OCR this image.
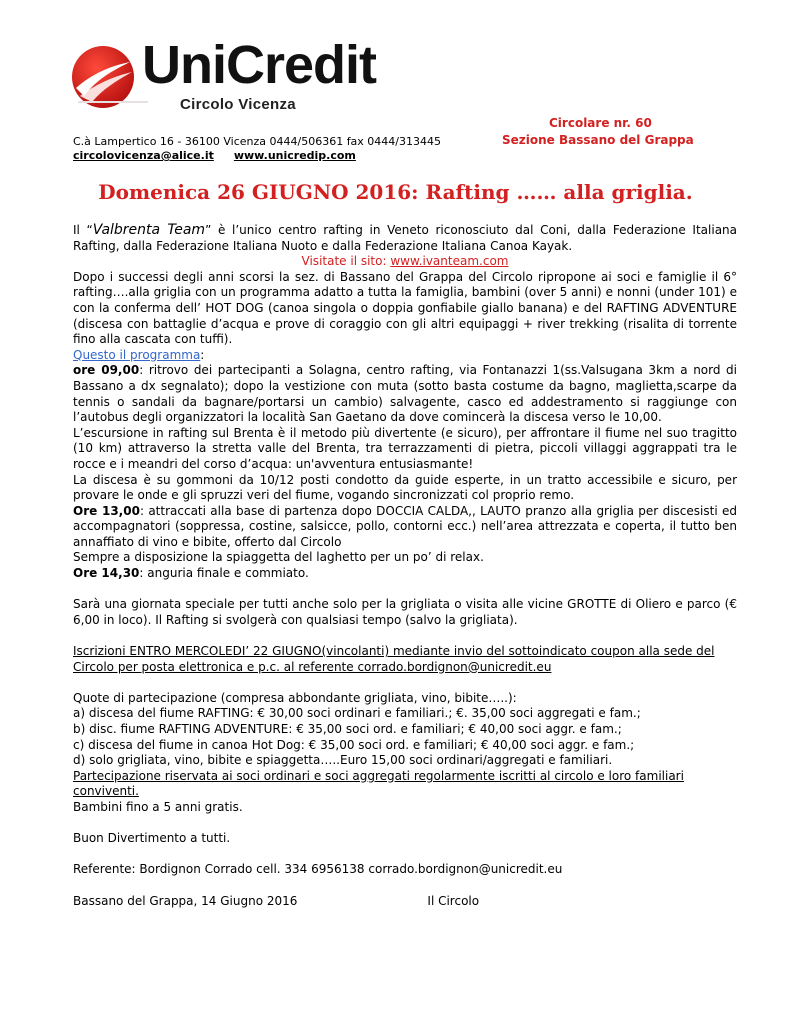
UniCredit
Circolo Vicenza
Circolare nr. 60
Sezione Bassano del Grappa
C.à Lampertico 16 - 36100 Vicenza 0444/506361 fax 0444/313445
circolovicenza@alice.it www.unicredip.com
Domenica 26 GIUGNO 2016: Rafting …… alla griglia.

Il “Valbrenta Team” è l’unico centro rafting in Veneto riconosciuto dal Coni, dalla Federazione Italiana Rafting, dalla Federazione Italiana Nuoto e dalla Federazione Italiana Canoa Kayak.

Visitate il sito: www.ivanteam.com

Dopo i successi degli anni scorsi la sez. di Bassano del Grappa del Circolo ripropone ai soci e famiglie il 6° rafting….alla griglia con un programma adatto a tutta la famiglia, bambini (over 5 anni) e nonni (under 101) e con la conferma dell’ HOT DOG (canoa singola o doppia gonfiabile giallo banana) e del RAFTING ADVENTURE (discesa con battaglie d’acqua e prove di coraggio con gli altri equipaggi + river trekking (risalita di torrente fino alla cascata con tuffi).

Questo il programma:

ore 09,00: ritrovo dei partecipanti a Solagna, centro rafting, via Fontanazzi 1(ss.Valsugana 3km a nord di Bassano a dx segnalato); dopo la vestizione con muta (sotto basta costume da bagno, maglietta,scarpe da tennis o sandali da bagnare/portarsi un cambio) salvagente, casco ed addestramento si raggiunge con l’autobus degli organizzatori la località San Gaetano da dove comincerà la discesa verso le 10,00.

L’escursione in rafting sul Brenta è il metodo più divertente (e sicuro), per affrontare il fiume nel suo tragitto (10 km) attraverso la stretta valle del Brenta, tra terrazzamenti di pietra, piccoli villaggi aggrappati tra le rocce e i meandri del corso d’acqua: un'avventura entusiasmante!

La discesa è su gommoni da 10/12 posti condotto da guide esperte, in un tratto accessibile e sicuro, per provare le onde e gli spruzzi veri del fiume, vogando sincronizzati col proprio remo.

Ore 13,00: attraccati alla base di partenza dopo DOCCIA CALDA,, LAUTO pranzo alla griglia per discesisti ed accompagnatori (soppressa, costine, salsicce, pollo, contorni ecc.) nell’area attrezzata e coperta, il tutto ben annaffiato di vino e bibite, offerto dal Circolo

Sempre a disposizione la spiaggetta del laghetto per un po’ di relax.

Ore 14,30: anguria finale e commiato.

Sarà una giornata speciale per tutti anche solo per la grigliata o visita alle vicine GROTTE di Oliero e parco (€ 6,00 in loco). Il Rafting si svolgerà con qualsiasi tempo (salvo la grigliata).

Iscrizioni ENTRO MERCOLEDI’ 22 GIUGNO(vincolanti) mediante invio del sottoindicato coupon alla sede del Circolo per posta elettronica e p.c. al referente corrado.bordignon@unicredit.eu

Quote di partecipazione (compresa abbondante grigliata, vino, bibite…..):

a) discesa del fiume RAFTING: € 30,00 soci ordinari e familiari.; €. 35,00 soci aggregati e fam.;

b) disc. fiume RAFTING ADVENTURE: € 35,00 soci ord. e familiari; € 40,00 soci aggr. e fam.;

c) discesa del fiume in canoa Hot Dog: € 35,00 soci ord. e familiari; € 40,00 soci aggr. e fam.;

d) solo grigliata, vino, bibite e spiaggetta…..Euro 15,00 soci ordinari/aggregati e familiari.

Partecipazione riservata ai soci ordinari e soci aggregati regolarmente iscritti al circolo e loro familiari conviventi.

Bambini fino a 5 anni gratis.

Buon Divertimento a tutti.

Referente: Bordignon Corrado cell. 334 6956138 corrado.bordignon@unicredit.eu

Bassano del Grappa, 14 Giugno 2016	Il Circolo
